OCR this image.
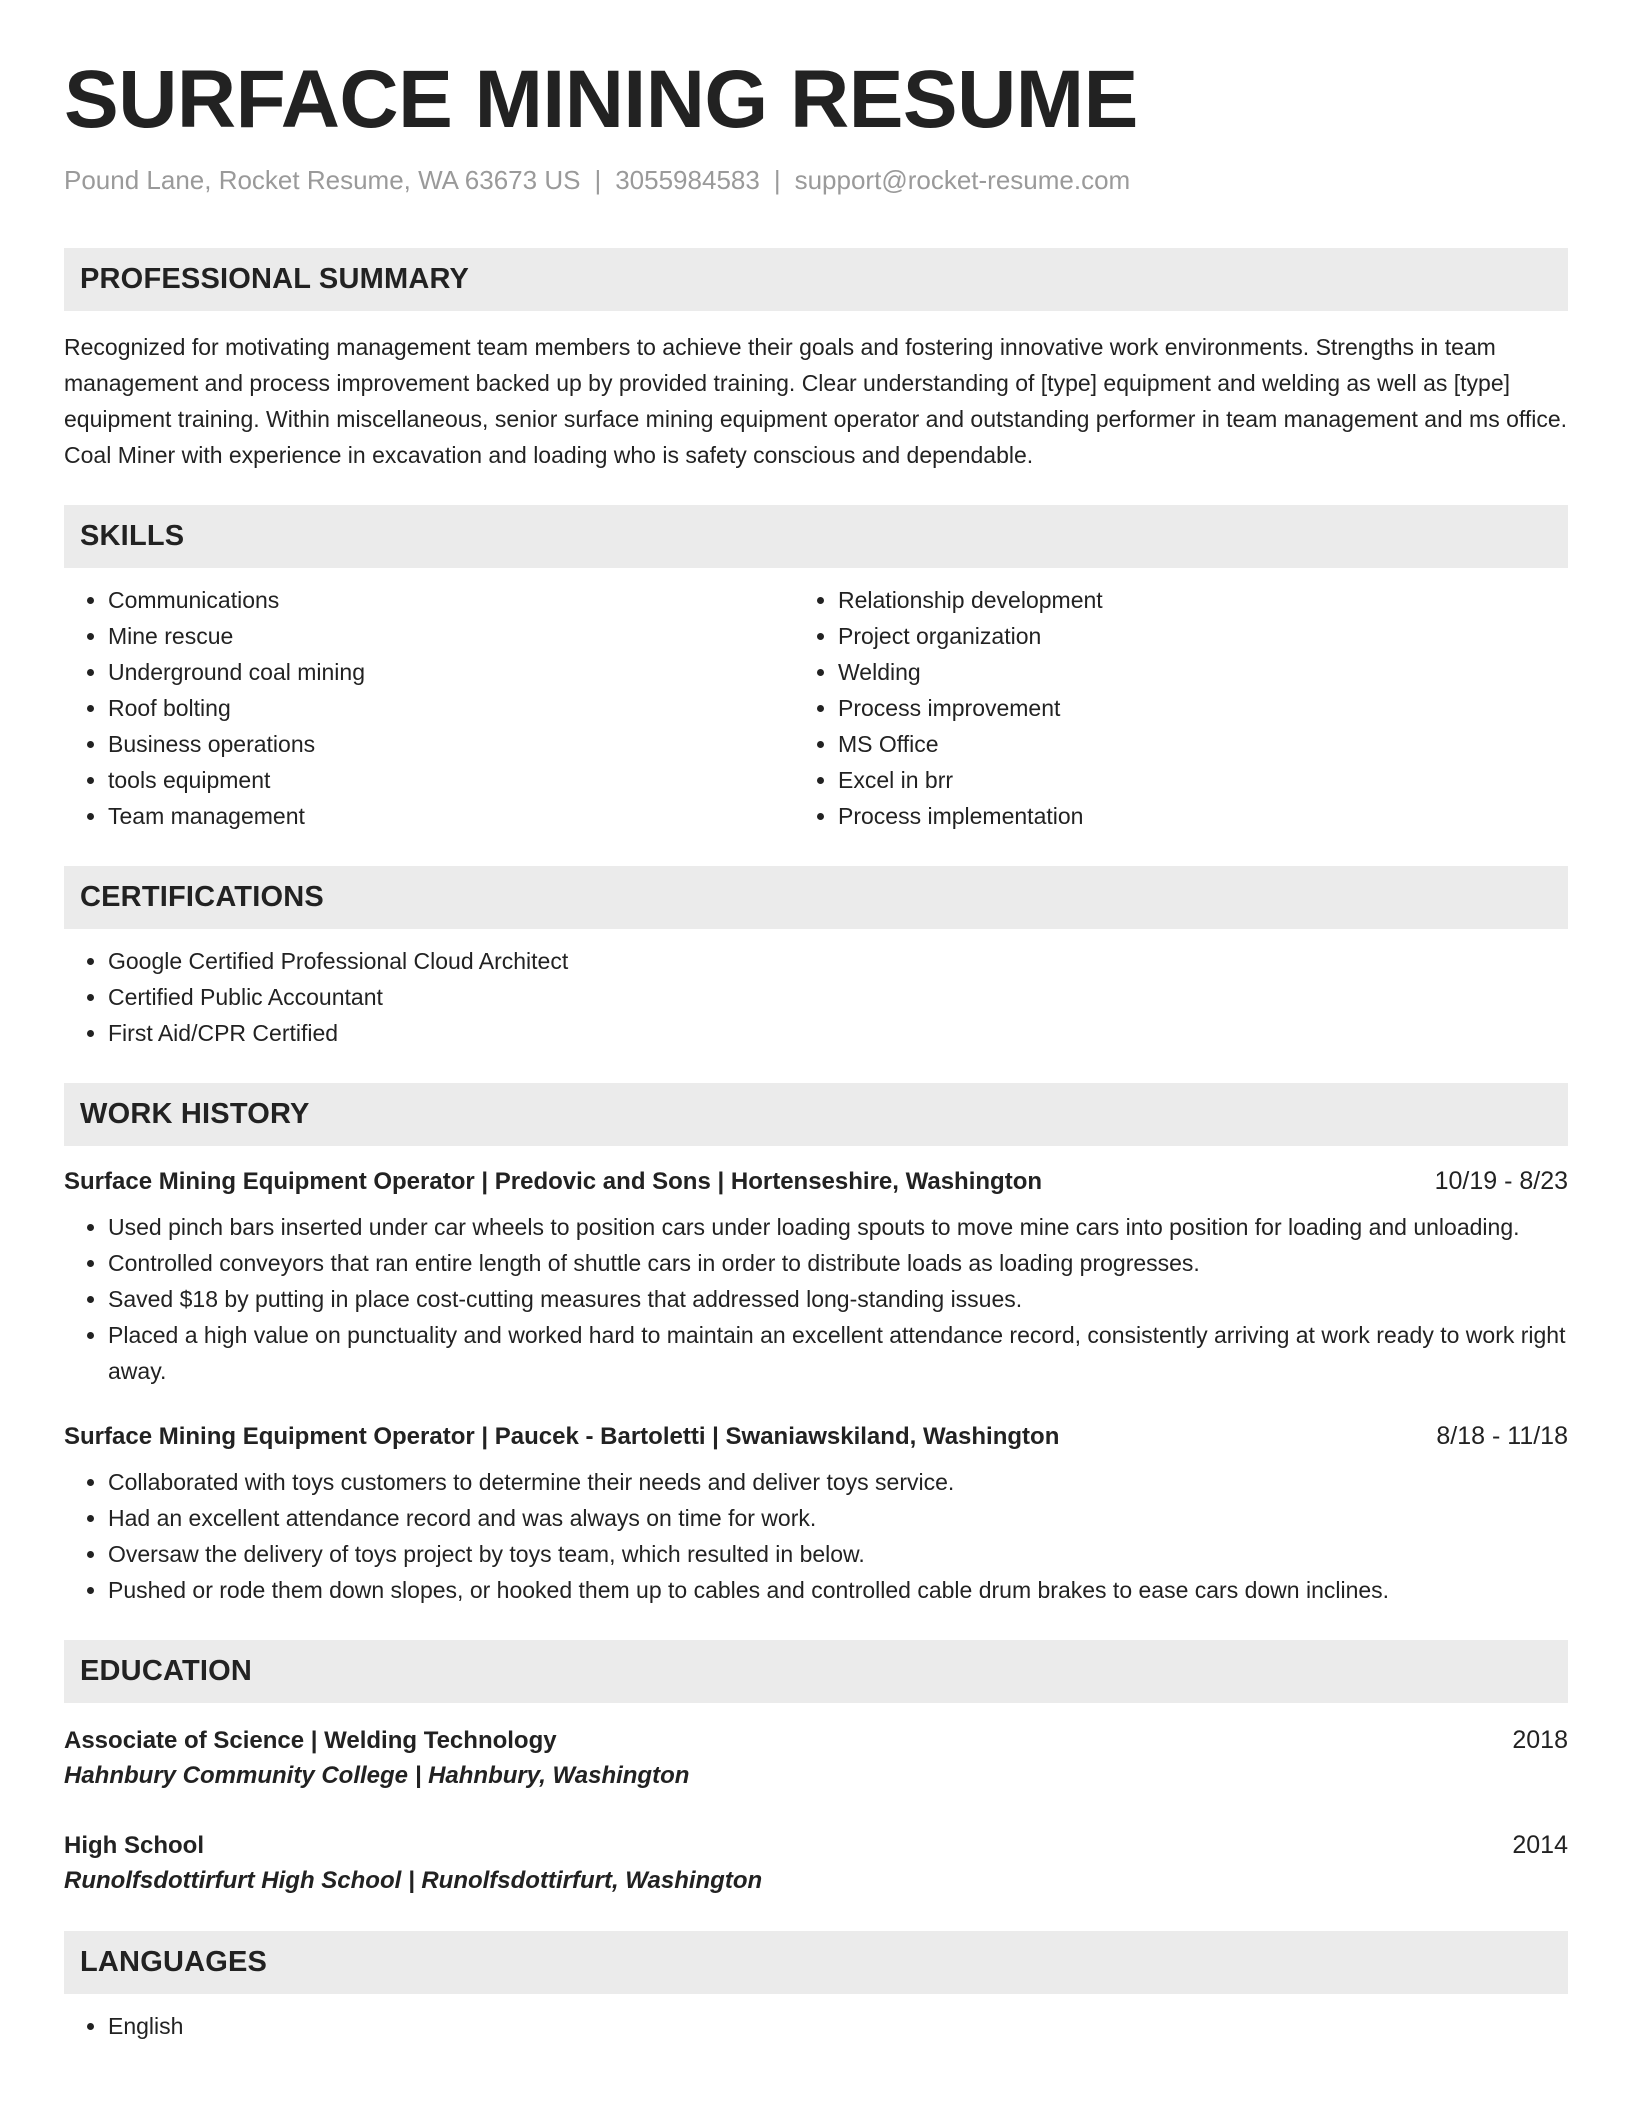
SURFACE MINING RESUME
Pound Lane, Rocket Resume, WA 63673 US | 3055984583 | support@rocket-resume.com
PROFESSIONAL SUMMARY

Recognized for motivating management team members to achieve their goals and fostering innovative work environments. Strengths in team management and process improvement backed up by provided training. Clear understanding of [type] equipment and welding as well as [type] equipment training. Within miscellaneous, senior surface mining equipment operator and outstanding performer in team management and ms office. Coal Miner with experience in excavation and loading who is safety conscious and dependable.

SKILLS
• Communications
• Mine rescue
• Underground coal mining
• Roof bolting
• Business operations
• tools equipment
• Team management
• Relationship development
• Project organization
• Welding
• Process improvement
• MS Office
• Excel in brr
• Process implementation
CERTIFICATIONS
• Google Certified Professional Cloud Architect
• Certified Public Accountant
• First Aid/CPR Certified
WORK HISTORY
Surface Mining Equipment Operator | Predovic and Sons | Hortenseshire, Washington	10/19 - 8/23
• Used pinch bars inserted under car wheels to position cars under loading spouts to move mine cars into position for loading and unloading.
• Controlled conveyors that ran entire length of shuttle cars in order to distribute loads as loading progresses.
• Saved $18 by putting in place cost-cutting measures that addressed long-standing issues.
• Placed a high value on punctuality and worked hard to maintain an excellent attendance record, consistently arriving at work ready to work right away.
Surface Mining Equipment Operator | Paucek - Bartoletti | Swaniawskiland, Washington	8/18 - 11/18
• Collaborated with toys customers to determine their needs and deliver toys service.
• Had an excellent attendance record and was always on time for work.
• Oversaw the delivery of toys project by toys team, which resulted in below.
• Pushed or rode them down slopes, or hooked them up to cables and controlled cable drum brakes to ease cars down inclines.
EDUCATION
Associate of Science | Welding Technology	2018
Hahnbury Community College | Hahnbury, Washington
High School	2014
Runolfsdottirfurt High School | Runolfsdottirfurt, Washington
LANGUAGES
• English
